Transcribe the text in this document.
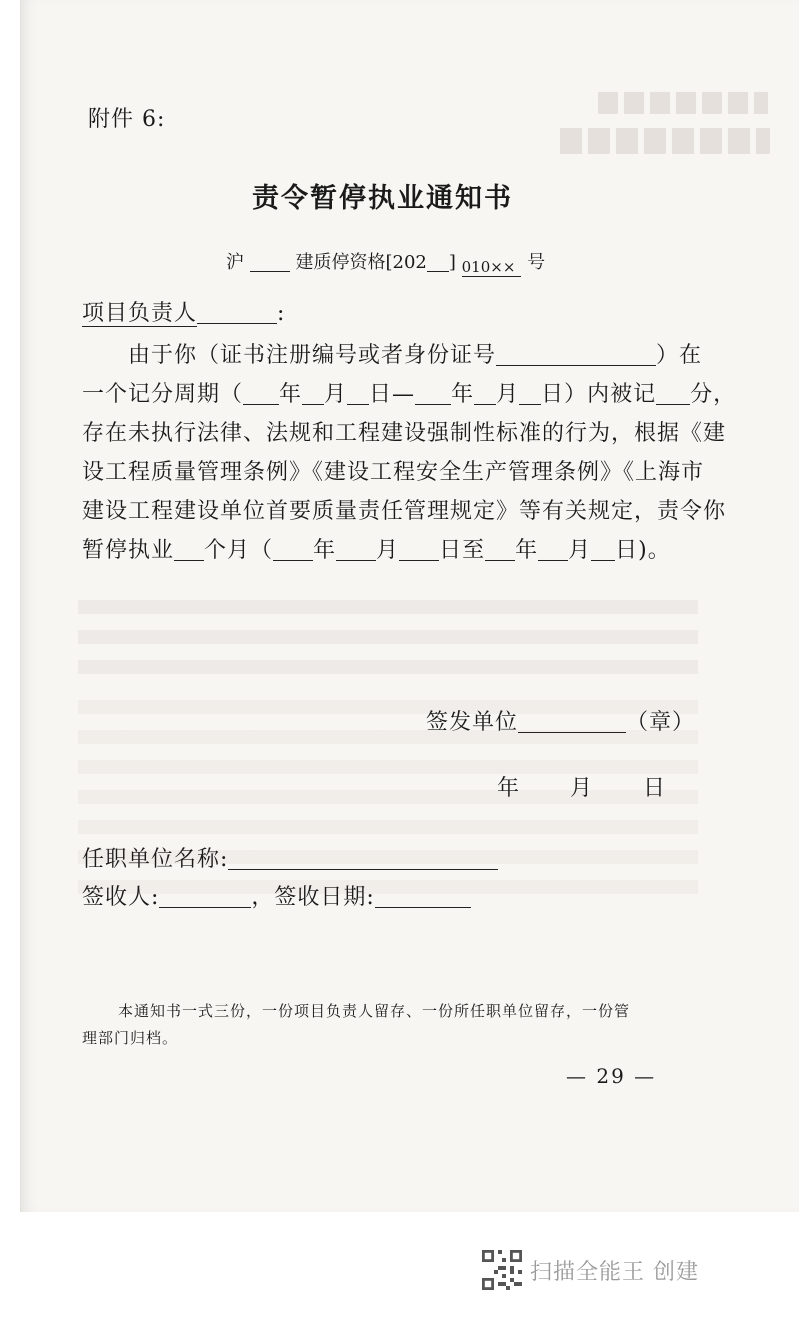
附件 6:
责令暂停执业通知书
沪	建质停资格[202 ] 010×× 号
项目负责人	:
由于你（证书注册编号或者身份证号	）在
一个记分周期（ 年 月 日— 年 月 日）内被记 分，
存在未执行法律、法规和工程建设强制性标准的行为，根据《建
设工程质量管理条例》《建设工程安全生产管理条例》《上海市
建设工程建设单位首要质量责任管理规定》等有关规定，责令你
暂停执业 个月（ 年 月 日至 年 月 日)。
签发单位	（章）
年 月 日
任职单位名称:
签收人:	，签收日期:
本通知书一式三份，一份项目负责人留存、一份所任职单位留存，一份管
理部门归档。
— 29 —
扫描全能王 创建
